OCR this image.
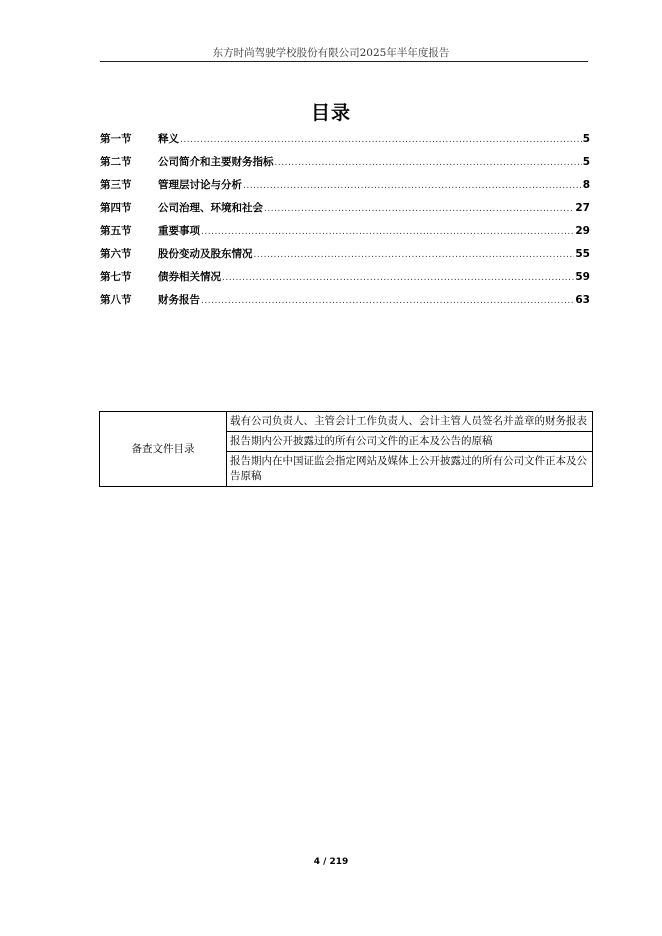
东方时尚驾驶学校股份有限公司2025年半年度报告
目录
第一节	释义 .....	5
第二节	公司简介和主要财务指标 .....	5
第三节	管理层讨论与分析 .....	8
第四节	公司治理、环境和社会 .....	27
第五节	重要事项 .....	29
第六节	股份变动及股东情况 .....	55
第七节	债券相关情况 .....	59
第八节	财务报告 .....	63
备查文件目录	载有公司负责人、主管会计工作负责人、会计主管人员签名并盖章的财务报表
报告期内公开披露过的所有公司文件的正本及公告的原稿
报告期内在中国证监会指定网站及媒体上公开披露过的所有公司文件正本及公告原稿
4 / 219
